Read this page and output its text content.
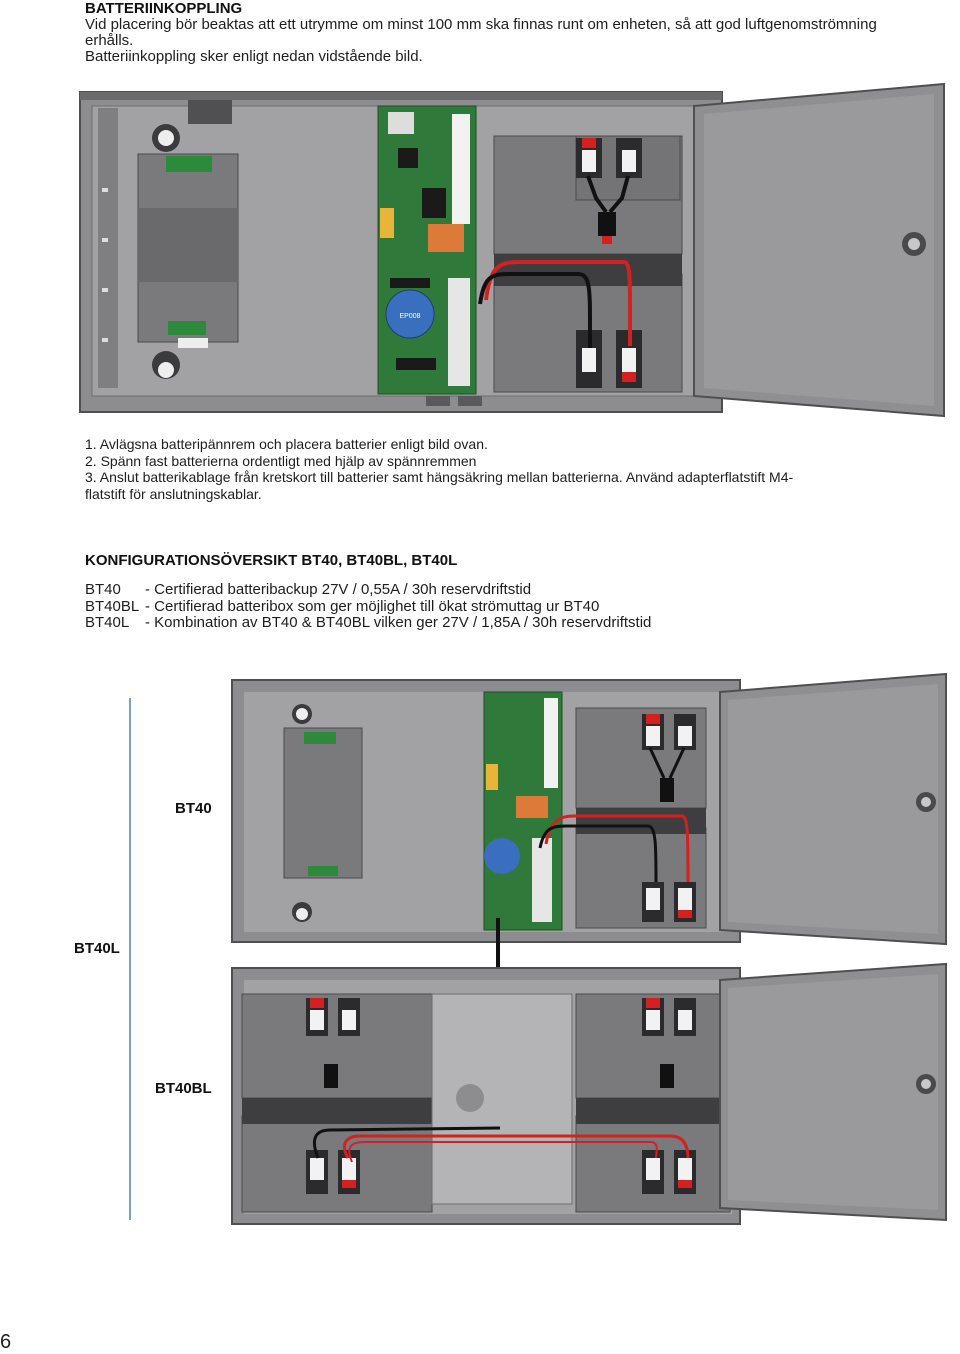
BATTERIINKOPPLING
Vid placering bör beaktas att ett utrymme om minst 100 mm ska finnas runt om enheten, så att god luftgenomströmning
erhålls.
Batteriinkoppling sker enligt nedan vidstående bild.
EP008
1. Avlägsna batteripännrem och placera batterier enligt bild ovan.
2. Spänn fast batterierna ordentligt med hjälp av spännremmen
3. Anslut batterikablage från kretskort till batterier samt hängsäkring mellan batterierna. Använd adapterflatstift M4-
flatstift för anslutningskablar.
KONFIGURATIONSÖVERSIKT BT40, BT40BL, BT40L
BT40	- Certifierad batteribackup 27V / 0,55A / 30h reservdriftstid
BT40BL - Certifierad batteribox som ger möjlighet till ökat strömuttag ur BT40
BT40L	- Kombination av BT40 & BT40BL vilken ger 27V / 1,85A / 30h reservdriftstid
BT40
BT40L
BT40BL
6
